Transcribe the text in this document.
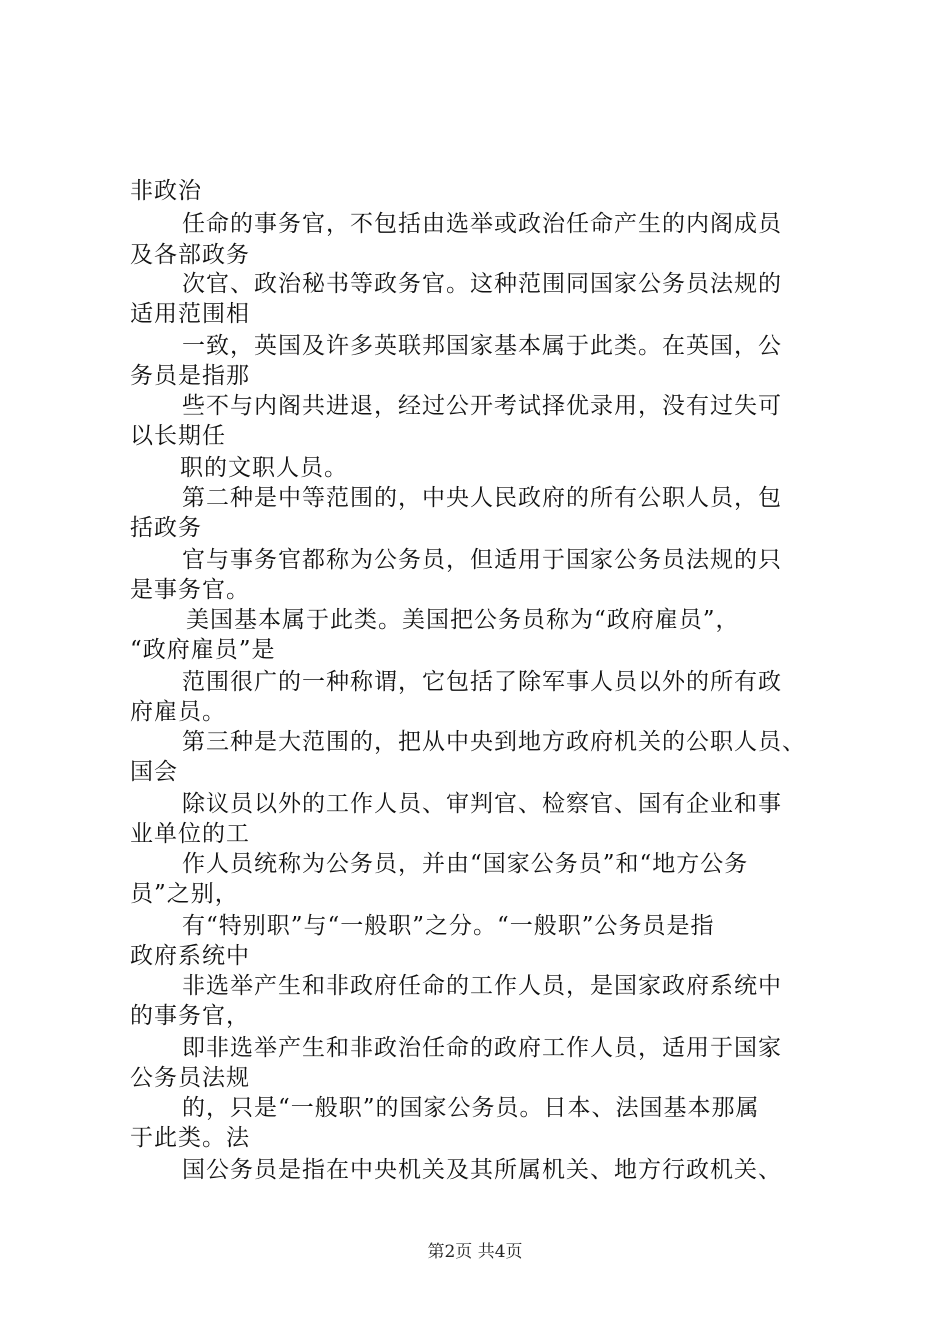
非政治
任命的事务官，不包括由选举或政治任命产生的内阁成员
及各部政务
次官、政治秘书等政务官。这种范围同国家公务员法规的
适用范围相
一致，英国及许多英联邦国家基本属于此类。在英国，公
务员是指那
些不与内阁共进退，经过公开考试择优录用，没有过失可
以长期任
职的文职人员。
第二种是中等范围的，中央人民政府的所有公职人员，包
括政务
官与事务官都称为公务员，但适用于国家公务员法规的只
是事务官。
美国基本属于此类。美国把公务员称为“政府雇员”，
“政府雇员”是
范围很广的一种称谓，它包括了除军事人员以外的所有政
府雇员。
第三种是大范围的，把从中央到地方政府机关的公职人员、
国会
除议员以外的工作人员、审判官、检察官、国有企业和事
业单位的工
作人员统称为公务员，并由“国家公务员”和“地方公务
员”之别，
有“特别职”与“一般职”之分。“一般职”公务员是指
政府系统中
非选举产生和非政府任命的工作人员，是国家政府系统中
的事务官，
即非选举产生和非政治任命的政府工作人员，适用于国家
公务员法规
的，只是“一般职”的国家公务员。日本、法国基本那属
于此类。法
国公务员是指在中央机关及其所属机关、地方行政机关、
第2页 共4页
